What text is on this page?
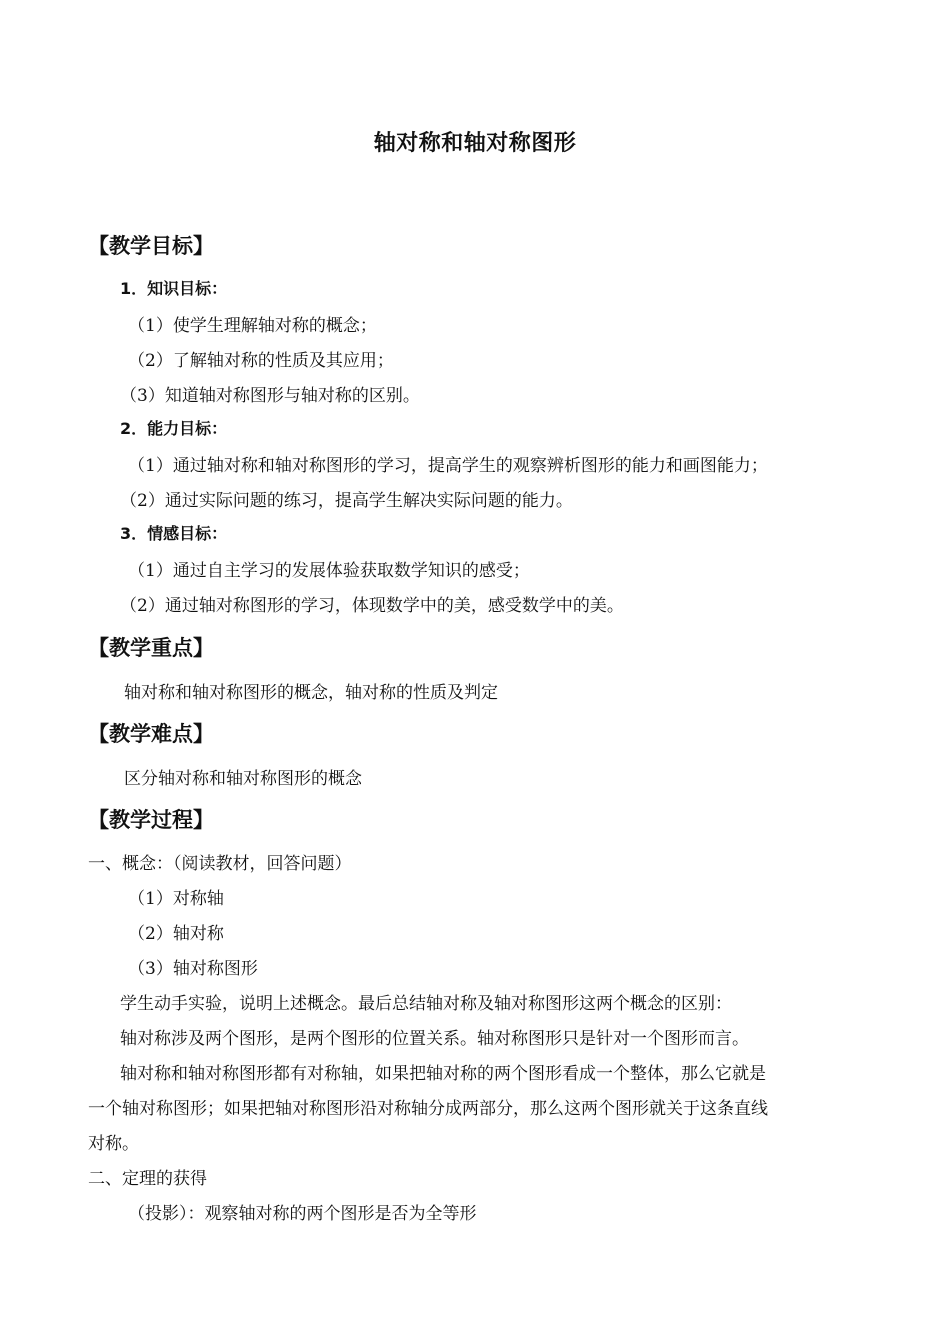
轴对称和轴对称图形
【教学目标】
1．知识目标：
（1）使学生理解轴对称的概念；
（2）了解轴对称的性质及其应用；
（3）知道轴对称图形与轴对称的区别。
2．能力目标：
（1）通过轴对称和轴对称图形的学习，提高学生的观察辨析图形的能力和画图能力；
（2）通过实际问题的练习，提高学生解决实际问题的能力。
3．情感目标：
（1）通过自主学习的发展体验获取数学知识的感受；
（2）通过轴对称图形的学习，体现数学中的美，感受数学中的美。
【教学重点】
轴对称和轴对称图形的概念，轴对称的性质及判定
【教学难点】
区分轴对称和轴对称图形的概念
【教学过程】
一、概念：（阅读教材，回答问题）
（1）对称轴
（2）轴对称
（3）轴对称图形
学生动手实验，说明上述概念。最后总结轴对称及轴对称图形这两个概念的区别：
轴对称涉及两个图形，是两个图形的位置关系。轴对称图形只是针对一个图形而言。
轴对称和轴对称图形都有对称轴，如果把轴对称的两个图形看成一个整体，那么它就是
一个轴对称图形；如果把轴对称图形沿对称轴分成两部分，那么这两个图形就关于这条直线
对称。
二、定理的获得
（投影）：观察轴对称的两个图形是否为全等形
